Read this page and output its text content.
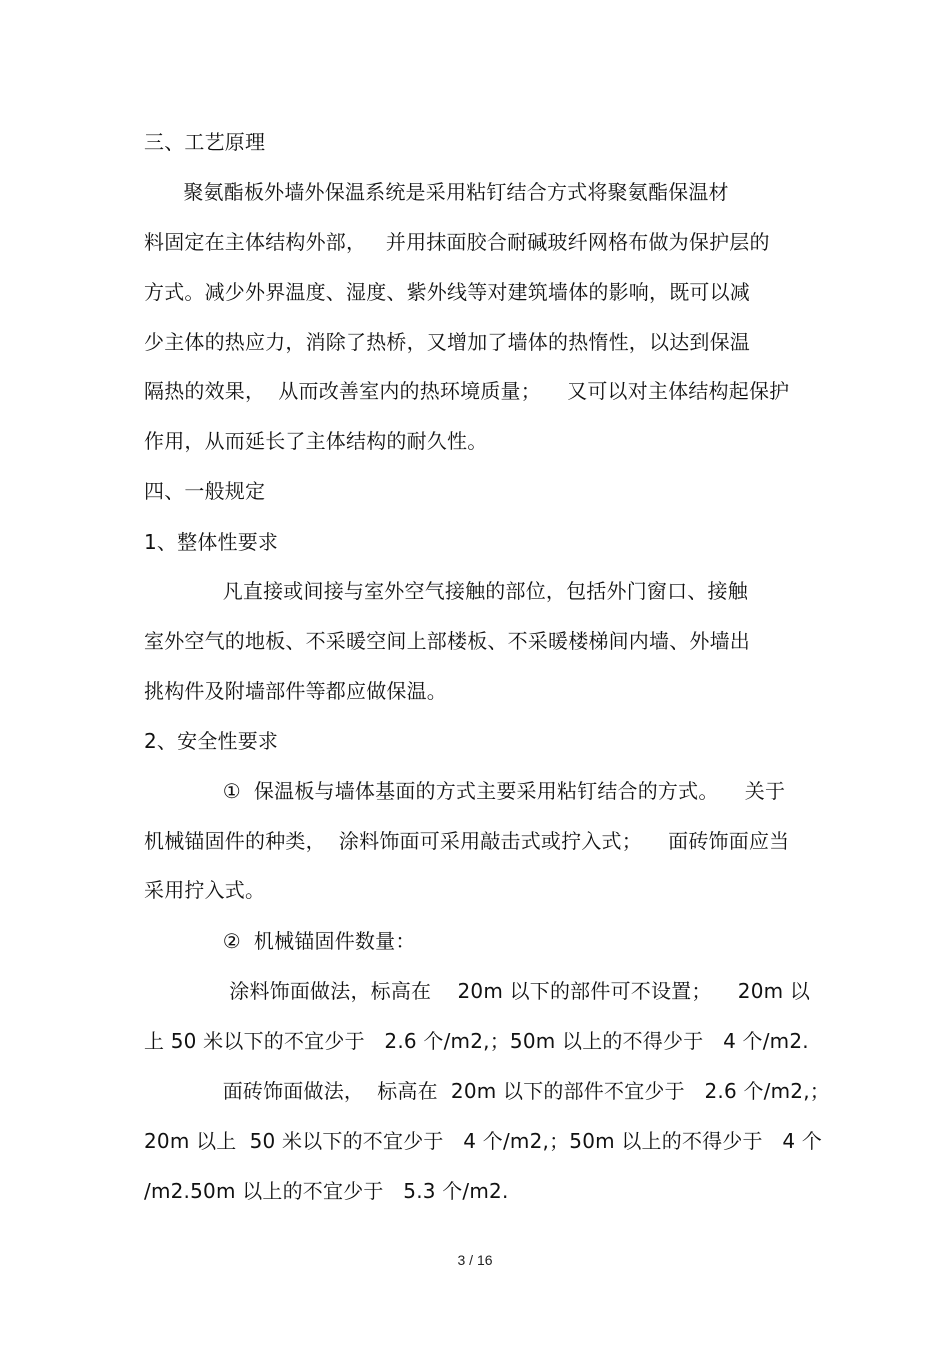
三、工艺原理
聚氨酯板外墙外保温系统是采用粘钉结合方式将聚氨酯保温材
料固定在主体结构外部，   并用抹面胶合耐碱玻纤网格布做为保护层的
方式。减少外界温度、湿度、紫外线等对建筑墙体的影响，既可以减
少主体的热应力，消除了热桥，又增加了墙体的热惰性，以达到保温
隔热的效果，  从而改善室内的热环境质量；    又可以对主体结构起保护
作用，从而延长了主体结构的耐久性。
四、一般规定
1、整体性要求
凡直接或间接与室外空气接触的部位，包括外门窗口、接触
室外空气的地板、不采暖空间上部楼板、不采暖楼梯间内墙、外墙出
挑构件及附墙部件等都应做保温。
2、安全性要求
①  保温板与墙体基面的方式主要采用粘钉结合的方式。    关于
机械锚固件的种类，  涂料饰面可采用敲击式或拧入式；    面砖饰面应当
采用拧入式。
②  机械锚固件数量：
涂料饰面做法，标高在    20m 以下的部件可不设置；    20m 以
上 50 米以下的不宜少于   2.6 个/m2,；50m 以上的不得少于   4 个/m2.
面砖饰面做法，  标高在  20m 以下的部件不宜少于   2.6 个/m2,；
20m 以上  50 米以下的不宜少于   4 个/m2,；50m 以上的不得少于   4 个
/m2.50m 以上的不宜少于   5.3 个/m2.
3 / 16
